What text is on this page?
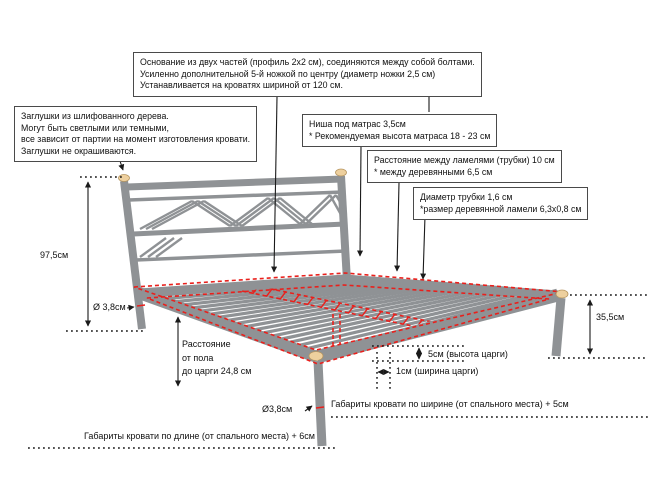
Основание из двух частей (профиль 2х2 см), соединяются между собой болтами.
Усиленно дополнительной 5-й ножкой по центру (диаметр ножки 2,5 см)
Устанавливается на кроватях шириной от 120 см.
Заглушки из шлифованного дерева.
Могут быть светлыми или темными,
все зависит от партии на момент изготовления кровати.
Заглушки не окрашиваются.
Ниша под матрас 3,5см
* Рекомендуемая высота матраса 18 - 23 см
Расстояние между ламелями (трубки) 10 см
* между деревянными 6,5 см
Диаметр трубки 1,6 см
*размер деревянной ламели 6,3х0,8 см
97,5см
Ø 3,8см
Расстояние
от пола
до царги 24,8 см
Ø3,8см
5см (высота царги)
1см (ширина царги)
35,5см
Габариты кровати по ширине (от спального места) + 5см
Габариты кровати по длине (от спального места) + 6см
